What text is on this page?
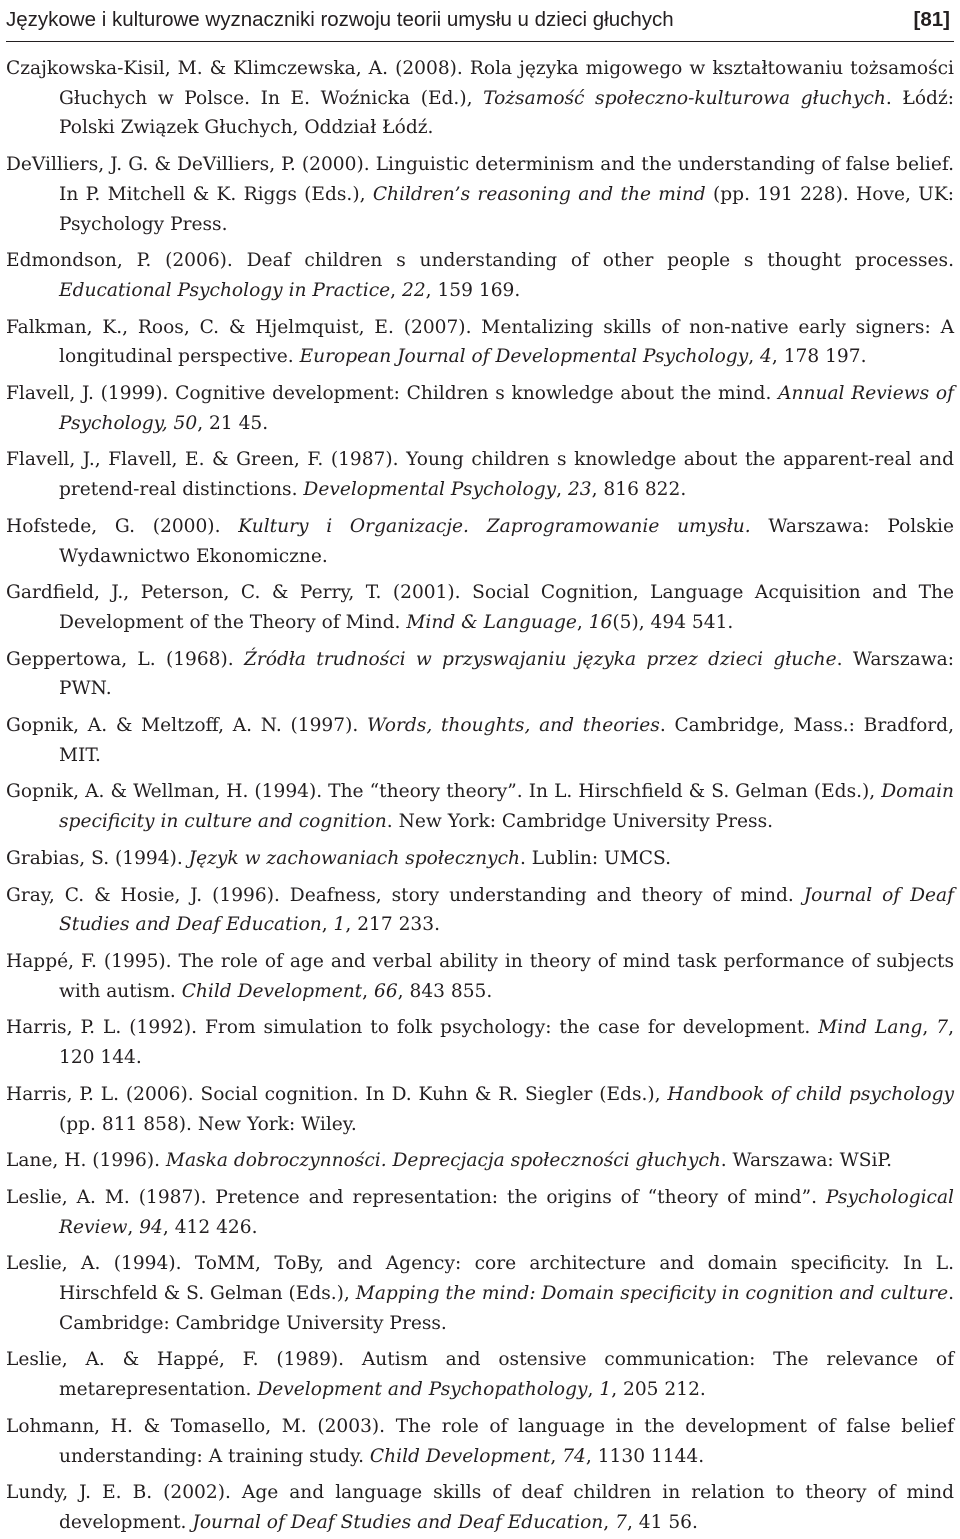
Językowe i kulturowe wyznaczniki rozwoju teorii umysłu u dzieci głuchych	[81]

Czajkowska-Kisil, M. & Klimczewska, A. (2008). Rola języka migowego w kształtowaniu tożsamości Głuchych w Polsce. In E. Woźnicka (Ed.), Tożsamość społeczno-kulturowa głuchych. Łódź: Polski Związek Głuchych, Oddział Łódź.

DeVilliers, J. G. & DeVilliers, P. (2000). Linguistic determinism and the understanding of false belief. In P. Mitchell & K. Riggs (Eds.), Children’s reasoning and the mind (pp. 191 228). Hove, UK: Psychology Press.

Edmondson, P. (2006). Deaf children s understanding of other people s thought processes. Educational Psychology in Practice, 22, 159 169.

Falkman, K., Roos, C. & Hjelmquist, E. (2007). Mentalizing skills of non-native early signers: A longitudinal perspective. European Journal of Developmental Psychology, 4, 178 197.

Flavell, J. (1999). Cognitive development: Children s knowledge about the mind. Annual Reviews of Psychology, 50, 21 45.

Flavell, J., Flavell, E. & Green, F. (1987). Young children s knowledge about the apparent-real and pretend-real distinctions. Developmental Psychology, 23, 816 822.

Hofstede, G. (2000). Kultury i Organizacje. Zaprogramowanie umysłu. Warszawa: Polskie Wydawnictwo Ekonomiczne.

Gardfield, J., Peterson, C. & Perry, T. (2001). Social Cognition, Language Acquisition and The Development of the Theory of Mind. Mind & Language, 16(5), 494 541.

Geppertowa, L. (1968). Źródła trudności w przyswajaniu języka przez dzieci głuche. Warszawa: PWN.

Gopnik, A. & Meltzoff, A. N. (1997). Words, thoughts, and theories. Cambridge, Mass.: Bradford, MIT.

Gopnik, A. & Wellman, H. (1994). The “theory theory”. In L. Hirschfield & S. Gelman (Eds.), Domain specificity in culture and cognition. New York: Cambridge University Press.

Grabias, S. (1994). Język w zachowaniach społecznych. Lublin: UMCS.

Gray, C. & Hosie, J. (1996). Deafness, story understanding and theory of mind. Journal of Deaf Studies and Deaf Education, 1, 217 233.

Happé, F. (1995). The role of age and verbal ability in theory of mind task performance of subjects with autism. Child Development, 66, 843 855.

Harris, P. L. (1992). From simulation to folk psychology: the case for development. Mind Lang, 7, 120 144.

Harris, P. L. (2006). Social cognition. In D. Kuhn & R. Siegler (Eds.), Handbook of child psychology (pp. 811 858). New York: Wiley.

Lane, H. (1996). Maska dobroczynności. Deprecjacja społeczności głuchych. Warszawa: WSiP.

Leslie, A. M. (1987). Pretence and representation: the origins of “theory of mind”. Psychological Review, 94, 412 426.

Leslie, A. (1994). ToMM, ToBy, and Agency: core architecture and domain specificity. In L. Hirschfeld & S. Gelman (Eds.), Mapping the mind: Domain specificity in cognition and culture. Cambridge: Cambridge University Press.

Leslie, A. & Happé, F. (1989). Autism and ostensive communication: The relevance of metarepresentation. Development and Psychopathology, 1, 205 212.

Lohmann, H. & Tomasello, M. (2003). The role of language in the development of false belief understanding: A training study. Child Development, 74, 1130 1144.

Lundy, J. E. B. (2002). Age and language skills of deaf children in relation to theory of mind development. Journal of Deaf Studies and Deaf Education, 7, 41 56.
